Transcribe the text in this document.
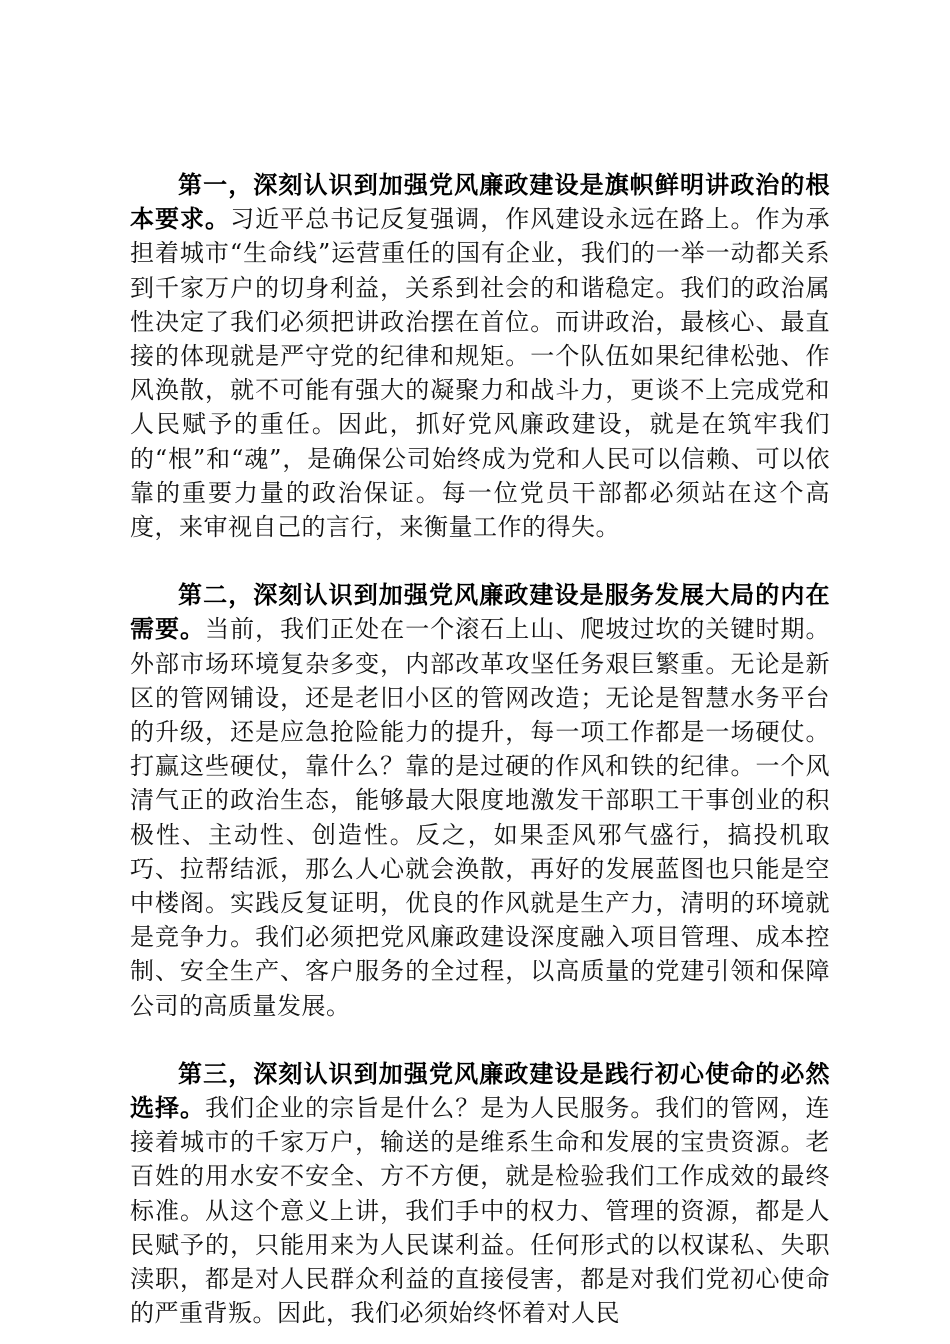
第一，深刻认识到加强党风廉政建设是旗帜鲜明讲政治的根本要求。习近平总书记反复强调，作风建设永远在路上。作为承担着城市“生命线”运营重任的国有企业，我们的一举一动都关系到千家万户的切身利益，关系到社会的和谐稳定。我们的政治属性决定了我们必须把讲政治摆在首位。而讲政治，最核心、最直接的体现就是严守党的纪律和规矩。一个队伍如果纪律松弛、作风涣散，就不可能有强大的凝聚力和战斗力，更谈不上完成党和人民赋予的重任。因此，抓好党风廉政建设，就是在筑牢我们的“根”和“魂”，是确保公司始终成为党和人民可以信赖、可以依靠的重要力量的政治保证。每一位党员干部都必须站在这个高度，来审视自己的言行，来衡量工作的得失。

第二，深刻认识到加强党风廉政建设是服务发展大局的内在需要。当前，我们正处在一个滚石上山、爬坡过坎的关键时期。外部市场环境复杂多变，内部改革攻坚任务艰巨繁重。无论是新区的管网铺设，还是老旧小区的管网改造；无论是智慧水务平台的升级，还是应急抢险能力的提升，每一项工作都是一场硬仗。打赢这些硬仗，靠什么？靠的是过硬的作风和铁的纪律。一个风清气正的政治生态，能够最大限度地激发干部职工干事创业的积极性、主动性、创造性。反之，如果歪风邪气盛行，搞投机取巧、拉帮结派，那么人心就会涣散，再好的发展蓝图也只能是空中楼阁。实践反复证明，优良的作风就是生产力，清明的环境就是竞争力。我们必须把党风廉政建设深度融入项目管理、成本控制、安全生产、客户服务的全过程，以高质量的党建引领和保障公司的高质量发展。

第三，深刻认识到加强党风廉政建设是践行初心使命的必然选择。我们企业的宗旨是什么？是为人民服务。我们的管网，连接着城市的千家万户，输送的是维系生命和发展的宝贵资源。老百姓的用水安不安全、方不方便，就是检验我们工作成效的最终标准。从这个意义上讲，我们手中的权力、管理的资源，都是人民赋予的，只能用来为人民谋利益。任何形式的以权谋私、失职渎职，都是对人民群众利益的直接侵害，都是对我们党初心使命的严重背叛。因此，我们必须始终怀着对人民
